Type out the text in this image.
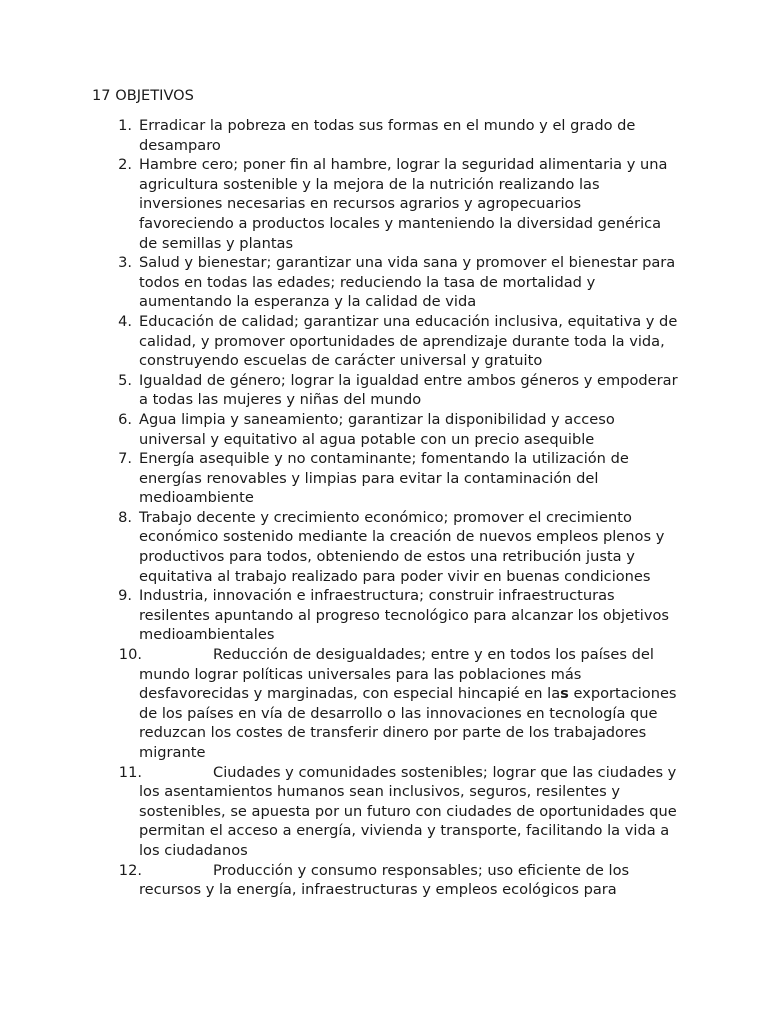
17 OBJETIVOS
1. Erradicar la pobreza en todas sus formas en el mundo y el grado de desamparo
2. Hambre cero; poner fin al hambre, lograr la seguridad alimentaria y una agricultura sostenible y la mejora de la nutrición realizando las inversiones necesarias en recursos agrarios y agropecuarios favoreciendo a productos locales y manteniendo la diversidad genérica de semillas y plantas
3. Salud y bienestar; garantizar una vida sana y promover el bienestar para todos en todas las edades; reduciendo la tasa de mortalidad y aumentando la esperanza y la calidad de vida
4. Educación de calidad; garantizar una educación inclusiva, equitativa y de calidad, y promover oportunidades de aprendizaje durante toda la vida, construyendo escuelas de carácter universal y gratuito
5. Igualdad de género; lograr la igualdad entre ambos géneros y empoderar a todas las mujeres y niñas del mundo
6. Agua limpia y saneamiento; garantizar la disponibilidad y acceso universal y equitativo al agua potable con un precio asequible
7. Energía asequible y no contaminante; fomentando la utilización de energías renovables y limpias para evitar la contaminación del medioambiente
8. Trabajo decente y crecimiento económico; promover el crecimiento económico sostenido mediante la creación de nuevos empleos plenos y productivos para todos, obteniendo de estos una retribución justa y equitativa al trabajo realizado para poder vivir en buenas condiciones
9. Industria, innovación e infraestructura; construir infraestructuras resilentes apuntando al progreso tecnológico para alcanzar los objetivos medioambientales
10.	Reducción de desigualdades; entre y en todos los países del mundo lograr políticas universales para las poblaciones más desfavorecidas y marginadas, con especial hincapié en las exportaciones de los países en vía de desarrollo o las innovaciones en tecnología que reduzcan los costes de transferir dinero por parte de los trabajadores migrante
11.	Ciudades y comunidades sostenibles; lograr que las ciudades y los asentamientos humanos sean inclusivos, seguros, resilentes y sostenibles, se apuesta por un futuro con ciudades de oportunidades que permitan el acceso a energía, vivienda y transporte, facilitando la vida a los ciudadanos
12.	Producción y consumo responsables; uso eficiente de los recursos y la energía, infraestructuras y empleos ecológicos para
